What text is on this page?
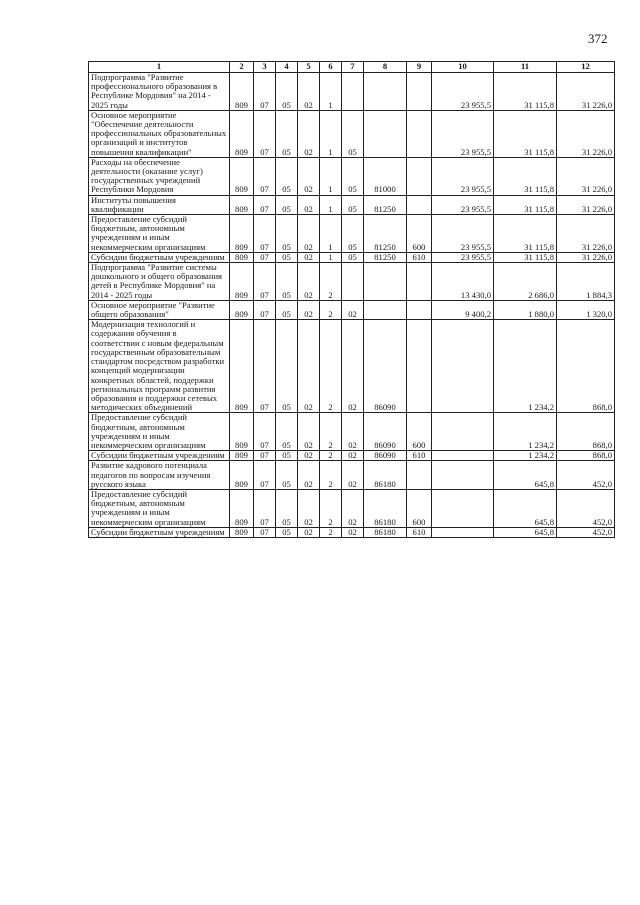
372
1	2	3	4	5	6	7	8	9	10	11	12
Подпрограмма "Развитие профессионального образования в Республике Мордовия" на 2014 - 2025 годы	809	07	05	02	1				23 955,5	31 115,8	31 226,0
Основное мероприятие "Обеспечение деятельности профессиональных образовательных организаций и институтов повышения квалификации"	809	07	05	02	1	05			23 955,5	31 115,8	31 226,0
Расходы на обеспечение деятельности (оказание услуг) государственных учреждений Республики Мордовия	809	07	05	02	1	05	81000		23 955,5	31 115,8	31 226,0
Институты повышения квалификации	809	07	05	02	1	05	81250		23 955,5	31 115,8	31 226,0
Предоставление субсидий бюджетным, автономным учреждениям и иным некоммерческим организациям	809	07	05	02	1	05	81250	600	23 955,5	31 115,8	31 226,0
Субсидии бюджетным учреждениям	809	07	05	02	1	05	81250	610	23 955,5	31 115,8	31 226,0
Подпрограмма "Развитие системы дошкольного и общего образования детей в Республике Мордовия" на 2014 - 2025 годы	809	07	05	02	2				13 430,0	2 686,0	1 884,3
Основное мероприятие "Развитие общего образования"	809	07	05	02	2	02			9 400,2	1 880,0	1 320,0
Модернизация технологий и содержания обучения в соответствии с новым федеральным государственным образовательным стандартом посредством разработки концепций модернизации конкретных областей, поддержки региональных программ развития образования и поддержки сетевых методических объединений	809	07	05	02	2	02	86090			1 234,2	868,0
Предоставление субсидий бюджетным, автономным учреждениям и иным некоммерческим организациям	809	07	05	02	2	02	86090	600		1 234,2	868,0
Субсидии бюджетным учреждениям	809	07	05	02	2	02	86090	610		1 234,2	868,0
Развитие кадрового потенциала педагогов по вопросам изучения русского языка	809	07	05	02	2	02	86180			645,8	452,0
Предоставление субсидий бюджетным, автономным учреждениям и иным некоммерческим организациям	809	07	05	02	2	02	86180	600		645,8	452,0
Субсидии бюджетным учреждениям	809	07	05	02	2	02	86180	610		645,8	452,0
